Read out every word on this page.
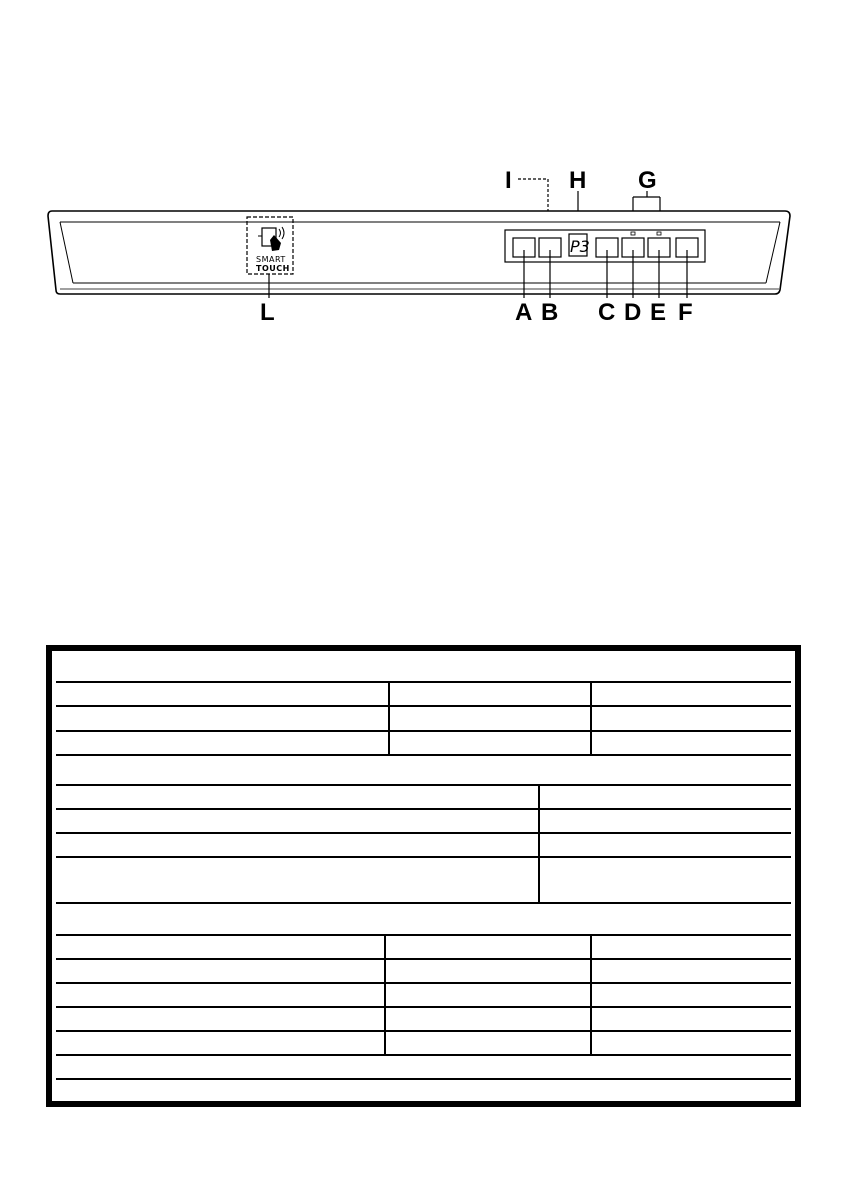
I H G
SMART
TOUCH
P3
L	A B C D E F
